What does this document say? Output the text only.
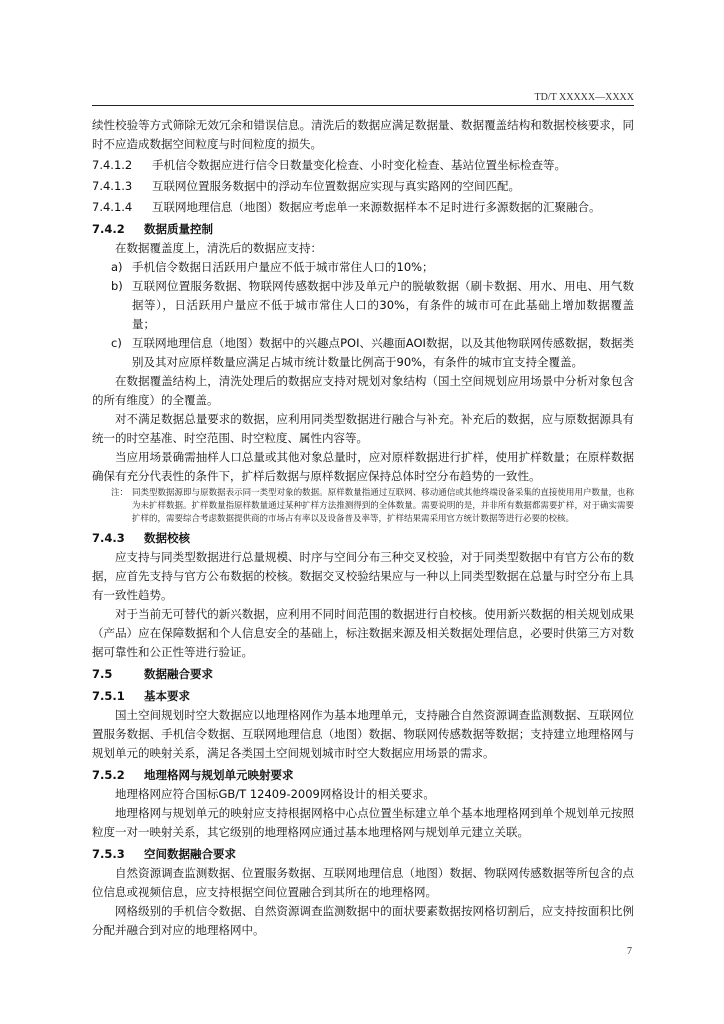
TD/T XXXXX—XXXX

续性校验等方式筛除无效冗余和错误信息。清洗后的数据应满足数据量、数据覆盖结构和数据校核要求，同时不应造成数据空间粒度与时间粒度的损失。

7.4.1.2 手机信令数据应进行信令日数量变化检查、小时变化检查、基站位置坐标检查等。

7.4.1.3 互联网位置服务数据中的浮动车位置数据应实现与真实路网的空间匹配。

7.4.1.4 互联网地理信息（地图）数据应考虑单一来源数据样本不足时进行多源数据的汇聚融合。

7.4.2 数据质量控制

在数据覆盖度上，清洗后的数据应支持：

a) 手机信令数据日活跃用户量应不低于城市常住人口的10%；

b) 互联网位置服务数据、物联网传感数据中涉及单元户的脱敏数据（刷卡数据、用水、用电、用气数据等），日活跃用户量应不低于城市常住人口的30%，有条件的城市可在此基础上增加数据覆盖量；

c) 互联网地理信息（地图）数据中的兴趣点POI、兴趣面AOI数据，以及其他物联网传感数据，数据类别及其对应原样数量应满足占城市统计数量比例高于90%，有条件的城市宜支持全覆盖。

在数据覆盖结构上，清洗处理后的数据应支持对规划对象结构（国土空间规划应用场景中分析对象包含的所有维度）的全覆盖。

对不满足数据总量要求的数据，应利用同类型数据进行融合与补充。补充后的数据，应与原数据源具有统一的时空基准、时空范围、时空粒度、属性内容等。

当应用场景确需抽样人口总量或其他对象总量时，应对原样数据进行扩样，使用扩样数量；在原样数据确保有充分代表性的条件下，扩样后数据与原样数据应保持总体时空分布趋势的一致性。

注： 同类型数据源即与原数据表示同一类型对象的数据。原样数量指通过互联网、移动通信或其他终端设备采集的直接使用用户数量，也称为未扩样数据。扩样数量指原样数量通过某种扩样方法推测得到的全体数量。需要说明的是，并非所有数据都需要扩样，对于确实需要扩样的，需要综合考虑数据提供商的市场占有率以及设备普及率等，扩样结果需采用官方统计数据等进行必要的校核。

7.4.3 数据校核

应支持与同类型数据进行总量规模、时序与空间分布三种交叉校验，对于同类型数据中有官方公布的数据，应首先支持与官方公布数据的校核。数据交叉校验结果应与一种以上同类型数据在总量与时空分布上具有一致性趋势。

对于当前无可替代的新兴数据，应利用不同时间范围的数据进行自校核。使用新兴数据的相关规划成果（产品）应在保障数据和个人信息安全的基础上，标注数据来源及相关数据处理信息，必要时供第三方对数据可靠性和公正性等进行验证。

7.5	数据融合要求

7.5.1 基本要求

国土空间规划时空大数据应以地理格网作为基本地理单元，支持融合自然资源调查监测数据、互联网位置服务数据、手机信令数据、互联网地理信息（地图）数据、物联网传感数据等数据；支持建立地理格网与规划单元的映射关系，满足各类国土空间规划城市时空大数据应用场景的需求。

7.5.2 地理格网与规划单元映射要求

地理格网应符合国标GB/T 12409-2009网格设计的相关要求。

地理格网与规划单元的映射应支持根据网格中心点位置坐标建立单个基本地理格网到单个规划单元按照粒度一对一映射关系，其它级别的地理格网应通过基本地理格网与规划单元建立关联。

7.5.3 空间数据融合要求

自然资源调查监测数据、位置服务数据、互联网地理信息（地图）数据、物联网传感数据等所包含的点位信息或视频信息，应支持根据空间位置融合到其所在的地理格网。

网格级别的手机信令数据、自然资源调查监测数据中的面状要素数据按网格切割后，应支持按面积比例分配并融合到对应的地理格网中。

7
